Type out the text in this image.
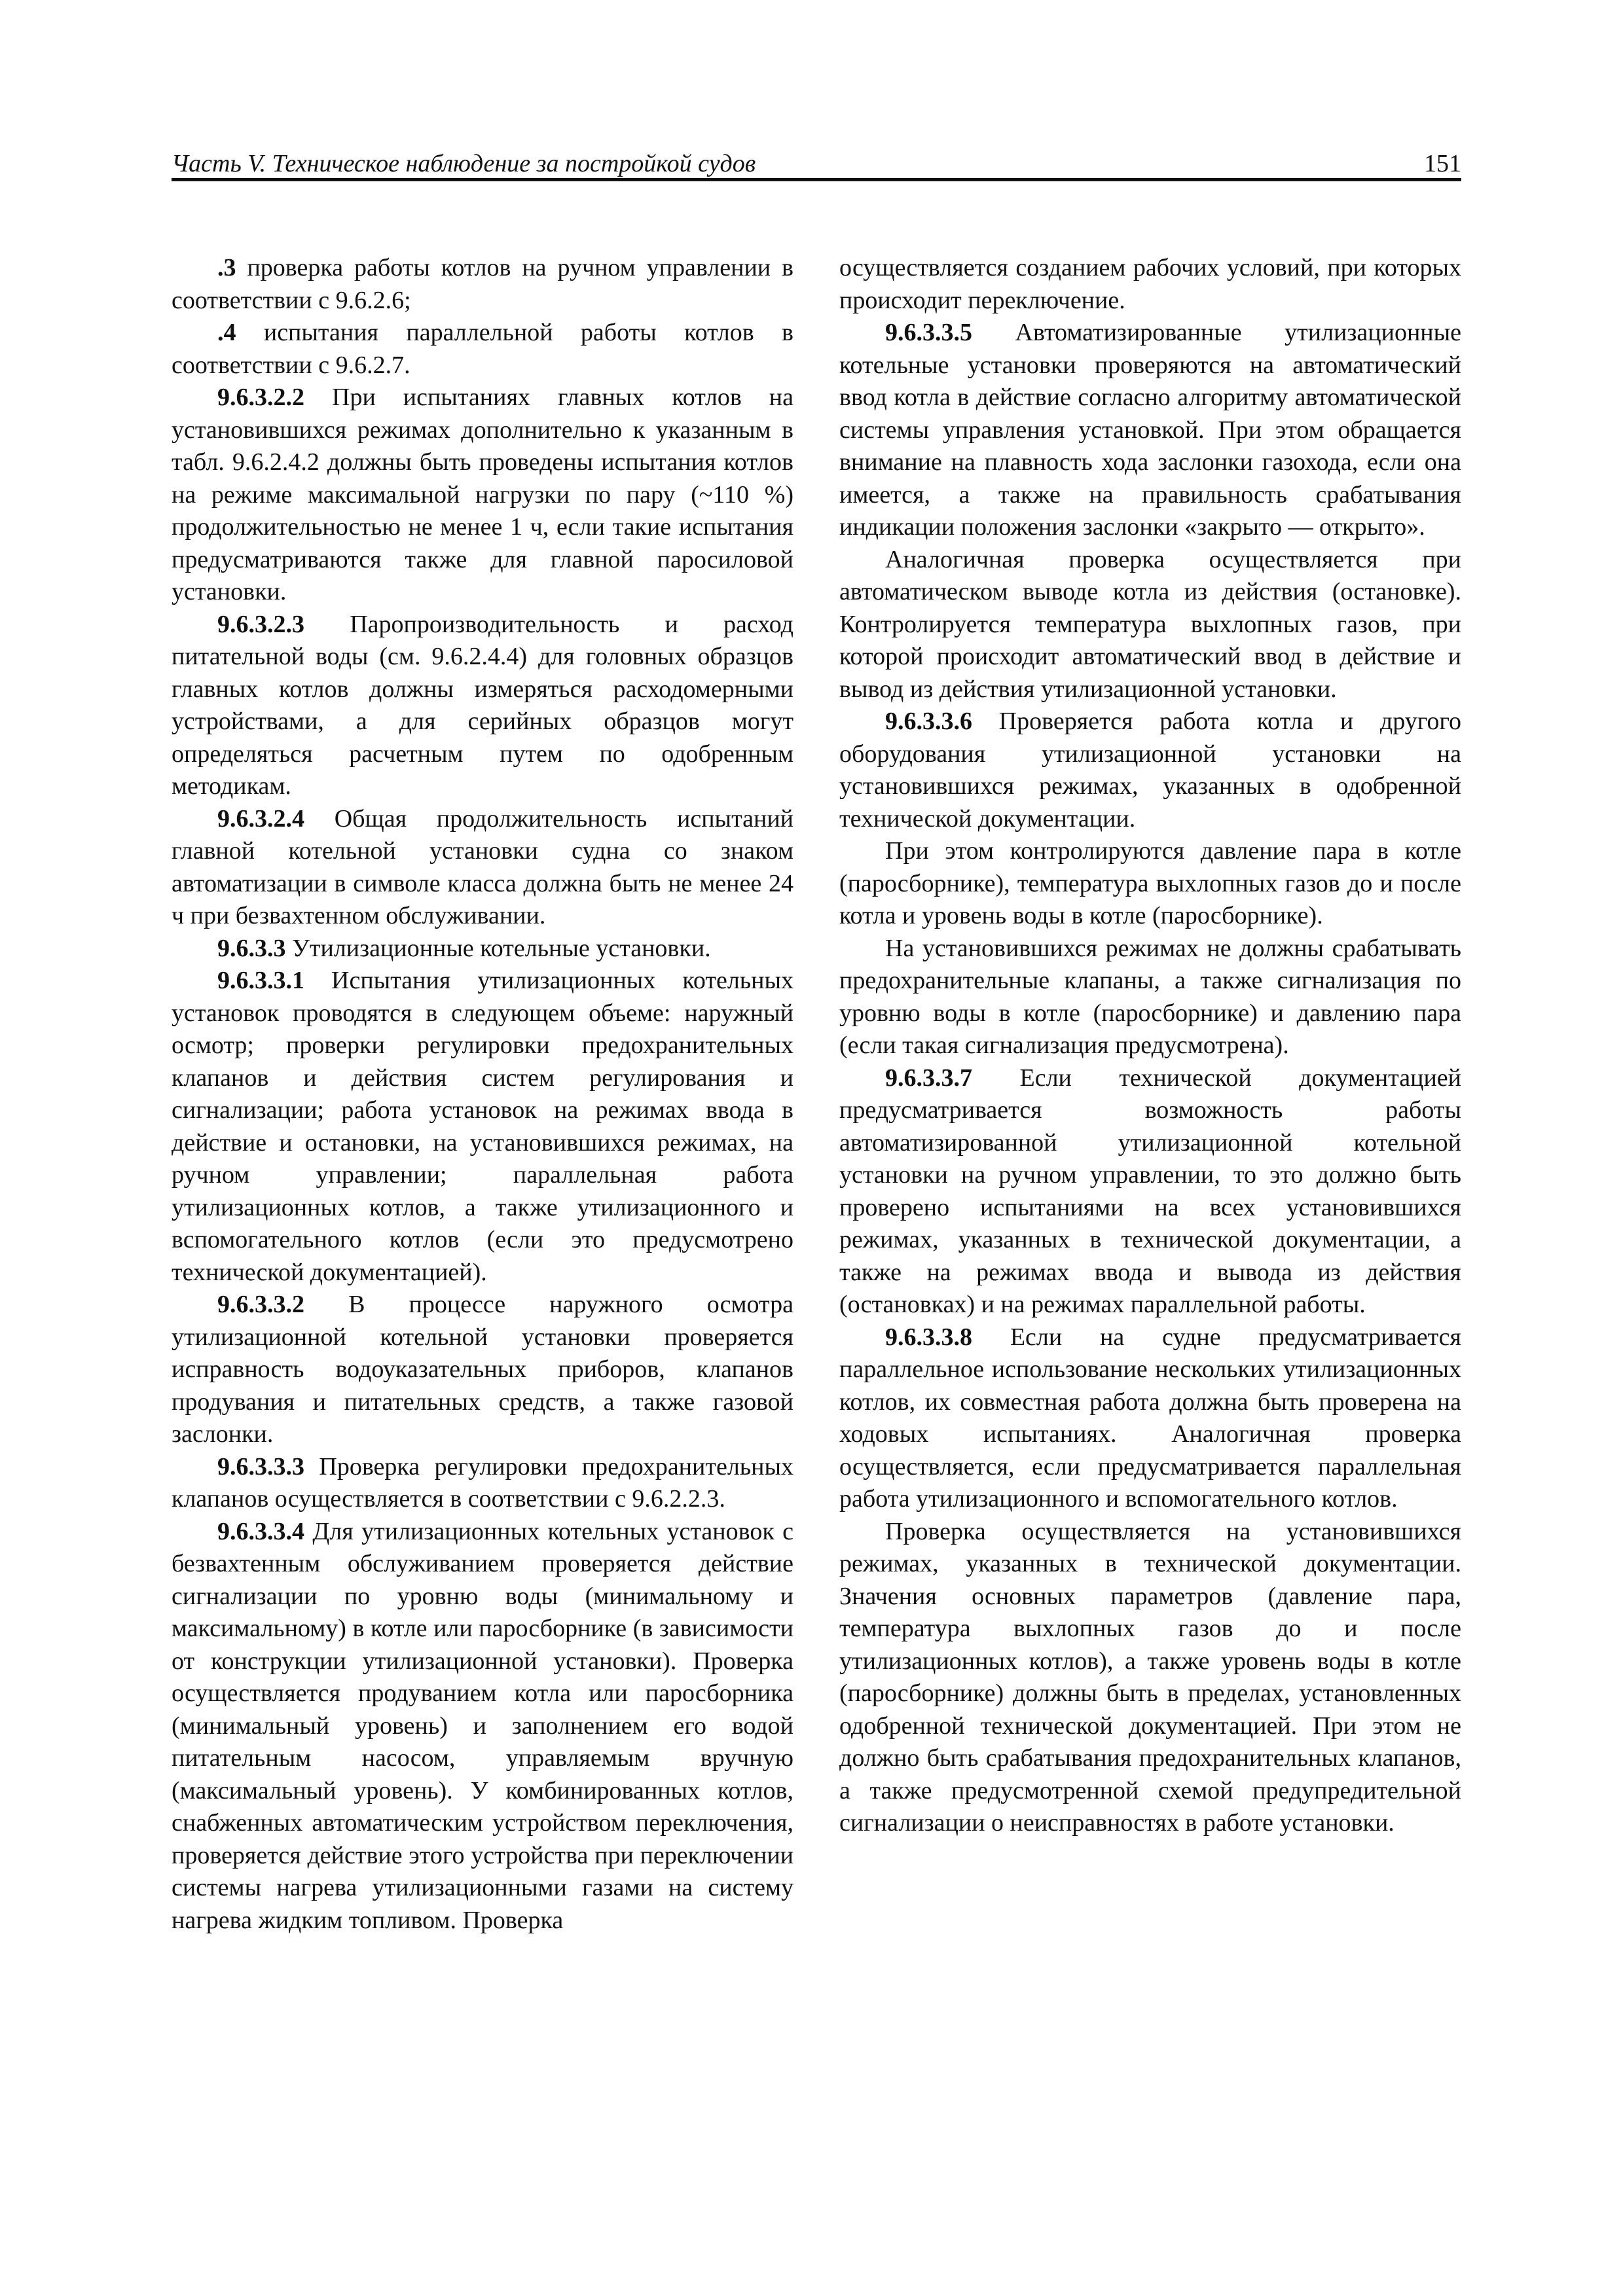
Часть V. Техническое наблюдение за постройкой судов	151

.3 проверка работы котлов на ручном управлении в соответствии с 9.6.2.6;

.4 испытания параллельной работы котлов в соответствии с 9.6.2.7.

9.6.3.2.2 При испытаниях главных котлов на установившихся режимах дополнительно к указанным в табл. 9.6.2.4.2 должны быть проведены испытания котлов на режиме максимальной нагрузки по пару (~110 %) продолжительностью не менее 1 ч, если такие испытания предусматриваются также для главной паросиловой установки.

9.6.3.2.3 Паропроизводительность и расход питательной воды (см. 9.6.2.4.4) для головных образцов главных котлов должны измеряться расходомерными устройствами, а для серийных образцов могут определяться расчетным путем по одобренным методикам.

9.6.3.2.4 Общая продолжительность испытаний главной котельной установки судна со знаком автоматизации в символе класса должна быть не менее 24 ч при безвахтенном обслуживании.

9.6.3.3 Утилизационные котельные установки.

9.6.3.3.1 Испытания утилизационных котельных установок проводятся в следующем объеме: наружный осмотр; проверки регулировки предохранительных клапанов и действия систем регулирования и сигнализации; работа установок на режимах ввода в действие и остановки, на установившихся режимах, на ручном управлении; параллельная работа утилизационных котлов, а также утилизационного и вспомогательного котлов (если это предусмотрено технической документацией).

9.6.3.3.2 В процессе наружного осмотра утилизационной котельной установки проверяется исправность водоуказательных приборов, клапанов продувания и питательных средств, а также газовой заслонки.

9.6.3.3.3 Проверка регулировки предохранительных клапанов осуществляется в соответствии с 9.6.2.2.3.

9.6.3.3.4 Для утилизационных котельных установок с безвахтенным обслуживанием проверяется действие сигнализации по уровню воды (минимальному и максимальному) в котле или паросборнике (в зависимости от конструкции утилизационной установки). Проверка осуществляется продуванием котла или паросборника (минимальный уровень) и заполнением его водой питательным насосом, управляемым вручную (максимальный уровень). У комбинированных котлов, снабженных автоматическим устройством переключения, проверяется действие этого устройства при переключении системы нагрева утилизационными газами на систему нагрева жидким топливом. Проверка

осуществляется созданием рабочих условий, при которых происходит переключение.

9.6.3.3.5 Автоматизированные утилизационные котельные установки проверяются на автоматический ввод котла в действие согласно алгоритму автоматической системы управления установкой. При этом обращается внимание на плавность хода заслонки газохода, если она имеется, а также на правильность срабатывания индикации положения заслонки «закрыто — открыто».

Аналогичная проверка осуществляется при автоматическом выводе котла из действия (остановке). Контролируется температура выхлопных газов, при которой происходит автоматический ввод в действие и вывод из действия утилизационной установки.

9.6.3.3.6 Проверяется работа котла и другого оборудования утилизационной установки на установившихся режимах, указанных в одобренной технической документации.

При этом контролируются давление пара в котле (паросборнике), температура выхлопных газов до и после котла и уровень воды в котле (паросборнике).

На установившихся режимах не должны срабатывать предохранительные клапаны, а также сигнализация по уровню воды в котле (паросборнике) и давлению пара (если такая сигнализация предусмотрена).

9.6.3.3.7 Если технической документацией предусматривается возможность работы автоматизированной утилизационной котельной установки на ручном управлении, то это должно быть проверено испытаниями на всех установившихся режимах, указанных в технической документации, а также на режимах ввода и вывода из действия (остановках) и на режимах параллельной работы.

9.6.3.3.8 Если на судне предусматривается параллельное использование нескольких утилизационных котлов, их совместная работа должна быть проверена на ходовых испытаниях. Аналогичная проверка осуществляется, если предусматривается параллельная работа утилизационного и вспомогательного котлов.

Проверка осуществляется на установившихся режимах, указанных в технической документации. Значения основных параметров (давление пара, температура выхлопных газов до и после утилизационных котлов), а также уровень воды в котле (паросборнике) должны быть в пределах, установленных одобренной технической документацией. При этом не должно быть срабатывания предохранительных клапанов, а также предусмотренной схемой предупредительной сигнализации о неисправностях в работе установки.
